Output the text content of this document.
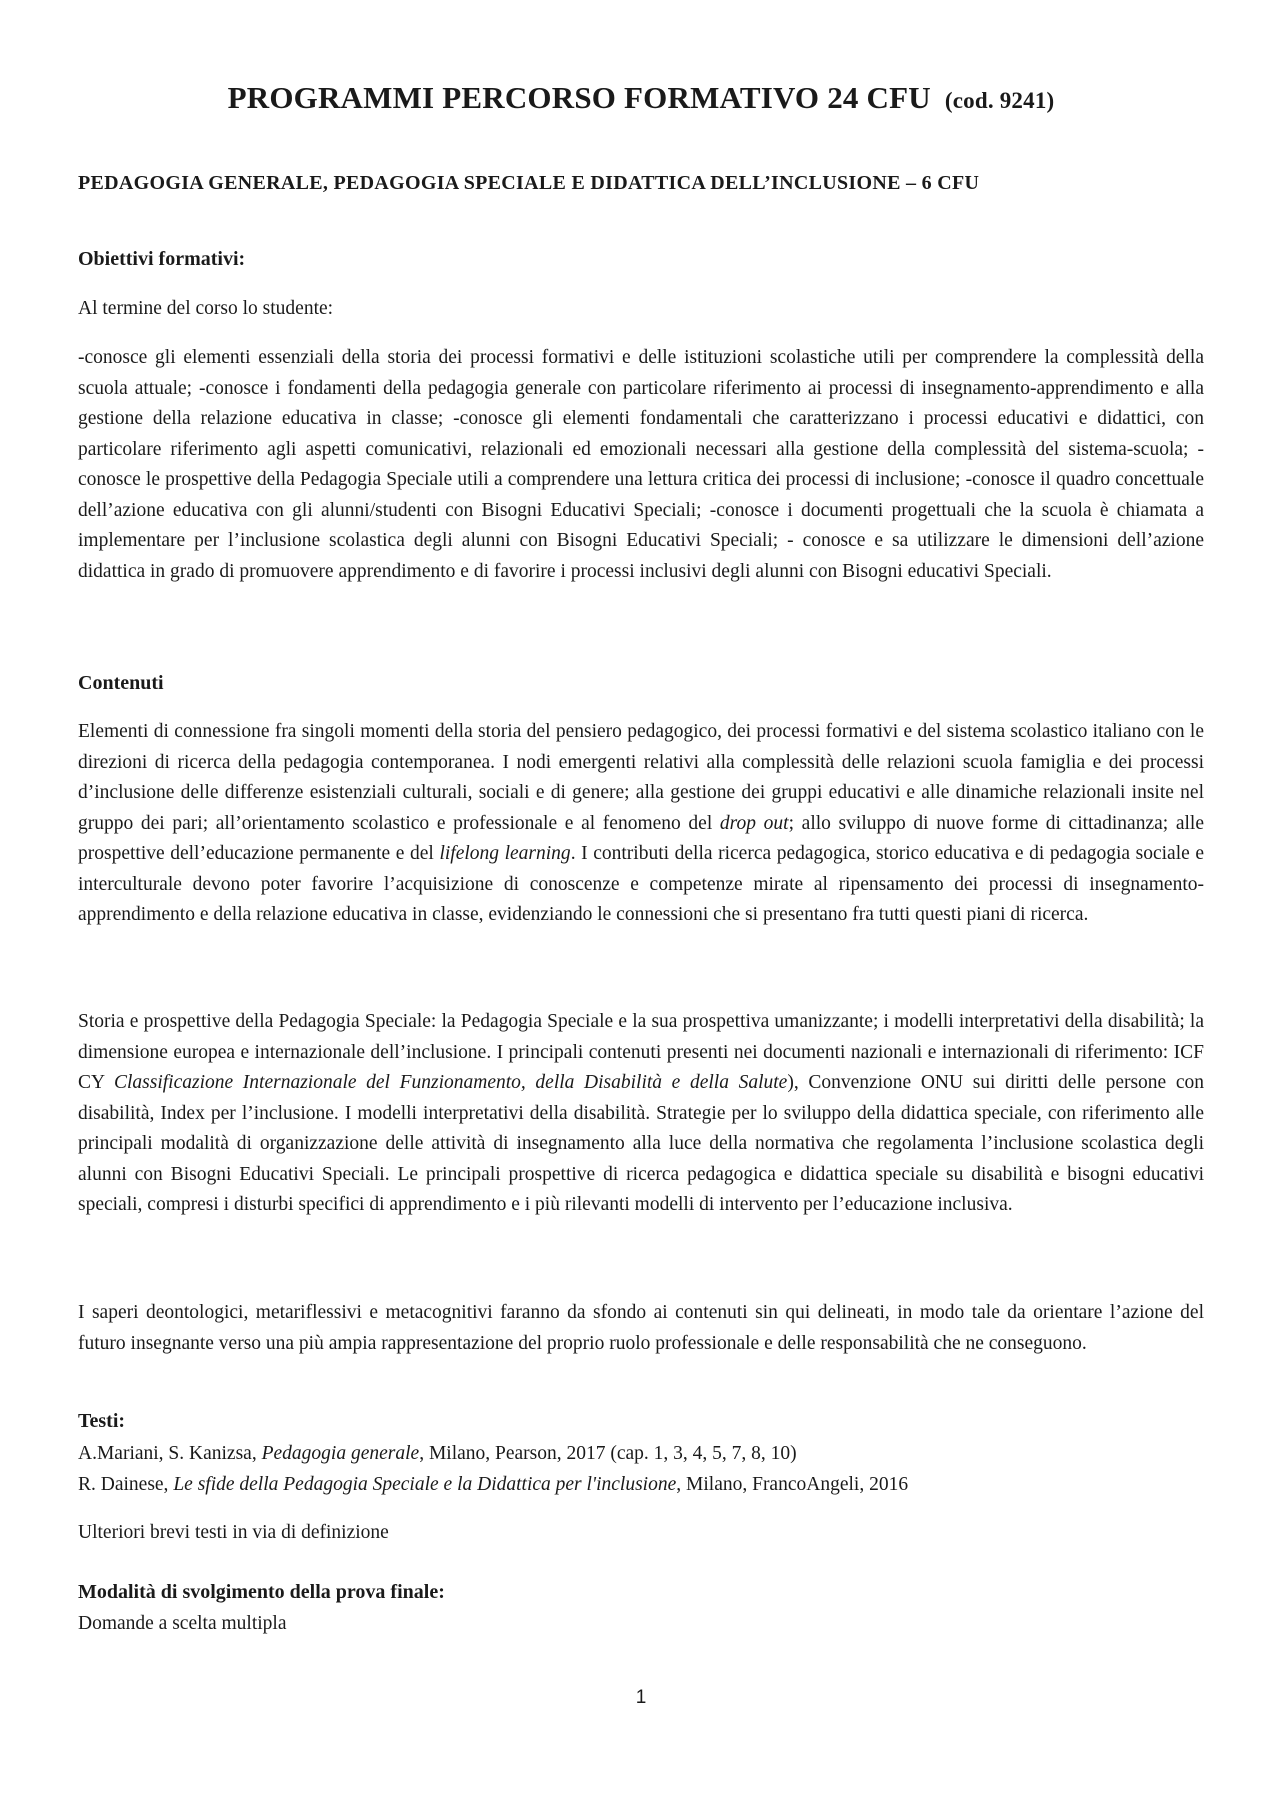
PROGRAMMI PERCORSO FORMATIVO 24 CFU (cod. 9241)
PEDAGOGIA GENERALE, PEDAGOGIA SPECIALE E DIDATTICA DELL’INCLUSIONE – 6 CFU
Obiettivi formativi:

Al termine del corso lo studente:

-conosce gli elementi essenziali della storia dei processi formativi e delle istituzioni scolastiche utili per comprendere la complessità della scuola attuale; -conosce i fondamenti della pedagogia generale con particolare riferimento ai processi di insegnamento-apprendimento e alla gestione della relazione educativa in classe; -conosce gli elementi fondamentali che caratterizzano i processi educativi e didattici, con particolare riferimento agli aspetti comunicativi, relazionali ed emozionali necessari alla gestione della complessità del sistema-scuola; -conosce le prospettive della Pedagogia Speciale utili a comprendere una lettura critica dei processi di inclusione; -conosce il quadro concettuale dell’azione educativa con gli alunni/studenti con Bisogni Educativi Speciali; -conosce i documenti progettuali che la scuola è chiamata a implementare per l’inclusione scolastica degli alunni con Bisogni Educativi Speciali; - conosce e sa utilizzare le dimensioni dell’azione didattica in grado di promuovere apprendimento e di favorire i processi inclusivi degli alunni con Bisogni educativi Speciali.

Contenuti

Elementi di connessione fra singoli momenti della storia del pensiero pedagogico, dei processi formativi e del sistema scolastico italiano con le direzioni di ricerca della pedagogia contemporanea. I nodi emergenti relativi alla complessità delle relazioni scuola famiglia e dei processi d’inclusione delle differenze esistenziali culturali, sociali e di genere; alla gestione dei gruppi educativi e alle dinamiche relazionali insite nel gruppo dei pari; all’orientamento scolastico e professionale e al fenomeno del drop out; allo sviluppo di nuove forme di cittadinanza; alle prospettive dell’educazione permanente e del lifelong learning. I contributi della ricerca pedagogica, storico educativa e di pedagogia sociale e interculturale devono poter favorire l’acquisizione di conoscenze e competenze mirate al ripensamento dei processi di insegnamento-apprendimento e della relazione educativa in classe, evidenziando le connessioni che si presentano fra tutti questi piani di ricerca.

Storia e prospettive della Pedagogia Speciale: la Pedagogia Speciale e la sua prospettiva umanizzante; i modelli interpretativi della disabilità; la dimensione europea e internazionale dell’inclusione. I principali contenuti presenti nei documenti nazionali e internazionali di riferimento: ICF CY Classificazione Internazionale del Funzionamento, della Disabilità e della Salute), Convenzione ONU sui diritti delle persone con disabilità, Index per l’inclusione. I modelli interpretativi della disabilità. Strategie per lo sviluppo della didattica speciale, con riferimento alle principali modalità di organizzazione delle attività di insegnamento alla luce della normativa che regolamenta l’inclusione scolastica degli alunni con Bisogni Educativi Speciali. Le principali prospettive di ricerca pedagogica e didattica speciale su disabilità e bisogni educativi speciali, compresi i disturbi specifici di apprendimento e i più rilevanti modelli di intervento per l’educazione inclusiva.

I saperi deontologici, metariflessivi e metacognitivi faranno da sfondo ai contenuti sin qui delineati, in modo tale da orientare l’azione del futuro insegnante verso una più ampia rappresentazione del proprio ruolo professionale e delle responsabilità che ne conseguono.

Testi:

A.Mariani, S. Kanizsa, Pedagogia generale, Milano, Pearson, 2017 (cap. 1, 3, 4, 5, 7, 8, 10)

R. Dainese, Le sfide della Pedagogia Speciale e la Didattica per l'inclusione, Milano, FrancoAngeli, 2016

Ulteriori brevi testi in via di definizione

Modalità di svolgimento della prova finale:

Domande a scelta multipla

1
